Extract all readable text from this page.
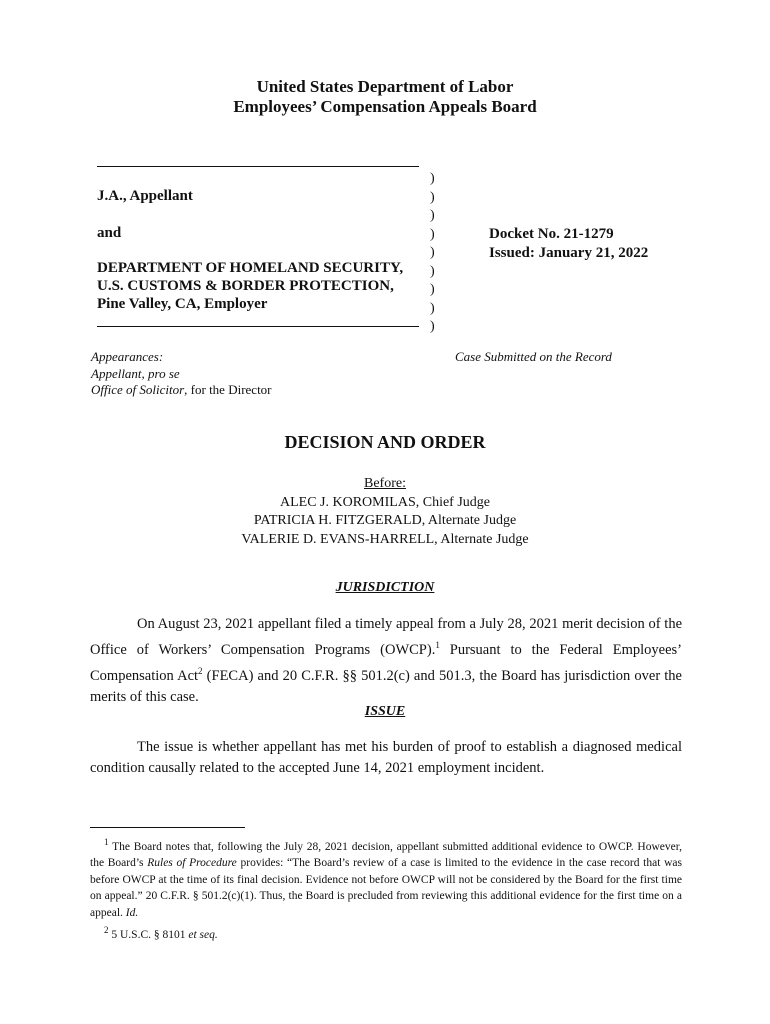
United States Department of Labor
Employees’ Compensation Appeals Board
J.A., Appellant
and
DEPARTMENT OF HOMELAND SECURITY,
U.S. CUSTOMS & BORDER PROTECTION,
Pine Valley, CA, Employer
)
)
)
)
)
)
)
)
)
Docket No. 21-1279
Issued: January 21, 2022
Appearances:
Appellant, pro se
Office of Solicitor, for the Director
Case Submitted on the Record
DECISION AND ORDER
Before:
ALEC J. KOROMILAS, Chief Judge
PATRICIA H. FITZGERALD, Alternate Judge
VALERIE D. EVANS-HARRELL, Alternate Judge
JURISDICTION
On August 23, 2021 appellant filed a timely appeal from a July 28, 2021 merit decision of the Office of Workers’ Compensation Programs (OWCP).$^1$ Pursuant to the Federal Employees’ Compensation Act$^2$ (FECA) and 20 C.F.R. §§ 501.2(c) and 501.3, the Board has jurisdiction over the merits of this case.
ISSUE
The issue is whether appellant has met his burden of proof to establish a diagnosed medical condition causally related to the accepted June 14, 2021 employment incident.
$^1$ The Board notes that, following the July 28, 2021 decision, appellant submitted additional evidence to OWCP. However, the Board’s Rules of Procedure provides: “The Board’s review of a case is limited to the evidence in the case record that was before OWCP at the time of its final decision. Evidence not before OWCP will not be considered by the Board for the first time on appeal.” 20 C.F.R. § 501.2(c)(1). Thus, the Board is precluded from reviewing this additional evidence for the first time on a appeal. Id.
$^2$ 5 U.S.C. § 8101 et seq.
